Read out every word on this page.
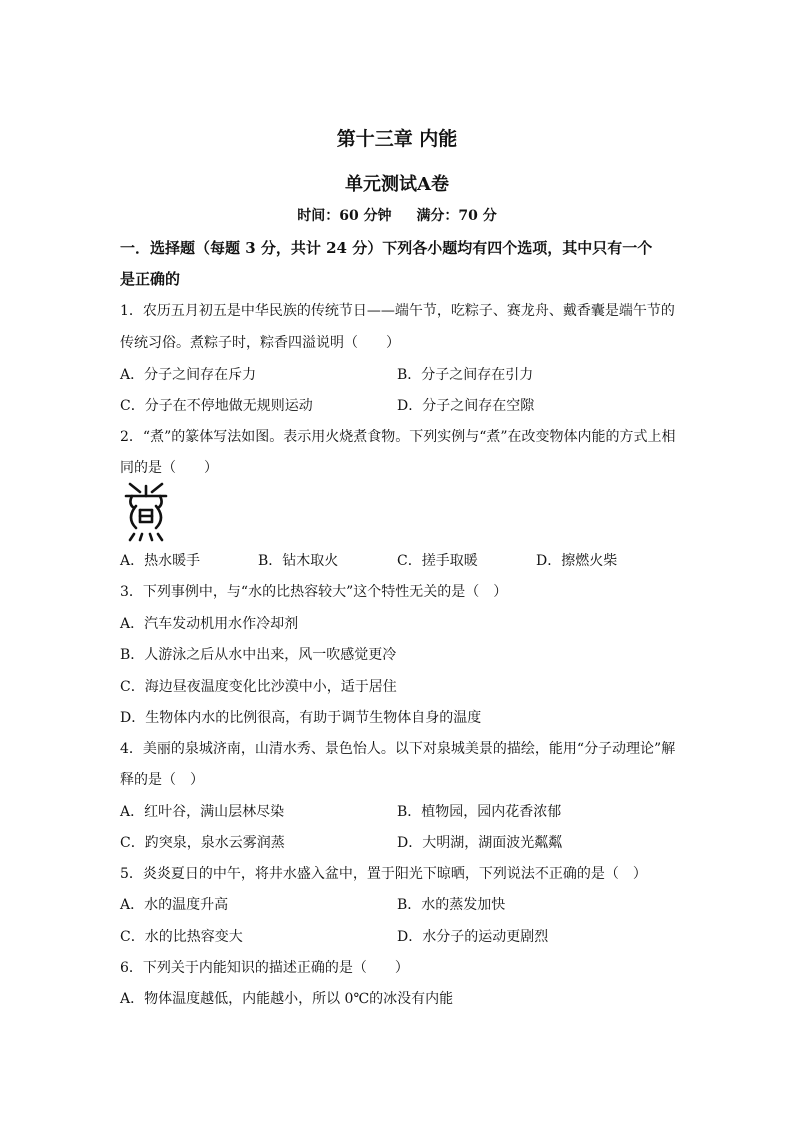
第十三章 内能
单元测试A卷
时间：60 分钟 满分：70 分
一．选择题（每题 3 分，共计 24 分）下列各小题均有四个选项，其中只有一个
是正确的
1．农历五月初五是中华民族的传统节日——端午节，吃粽子、赛龙舟、戴香囊是端午节的
传统习俗。煮粽子时，粽香四溢说明（　　）
A．分子之间存在斥力	B．分子之间存在引力
C．分子在不停地做无规则运动	D．分子之间存在空隙
2．“煮”的篆体写法如图。表示用火烧煮食物。下列实例与“煮”在改变物体内能的方式上相
同的是（　　）
A．热水暖手	B．钻木取火	C．搓手取暖	D．擦燃火柴
3．下列事例中，与“水的比热容较大”这个特性无关的是（　）
A．汽车发动机用水作冷却剂
B．人游泳之后从水中出来，风一吹感觉更冷
C．海边昼夜温度变化比沙漠中小，适于居住
D．生物体内水的比例很高，有助于调节生物体自身的温度
4．美丽的泉城济南，山清水秀、景色怡人。以下对泉城美景的描绘，能用“分子动理论”解
释的是（　）
A．红叶谷，满山层林尽染	B．植物园，园内花香浓郁
C．趵突泉，泉水云雾润蒸	D．大明湖，湖面波光粼粼
5．炎炎夏日的中午，将井水盛入盆中，置于阳光下晾晒，下列说法不正确的是（　）
A．水的温度升高	B．水的蒸发加快
C．水的比热容变大	D．水分子的运动更剧烈
6．下列关于内能知识的描述正确的是（　　）
A．物体温度越低，内能越小，所以 0℃的冰没有内能
